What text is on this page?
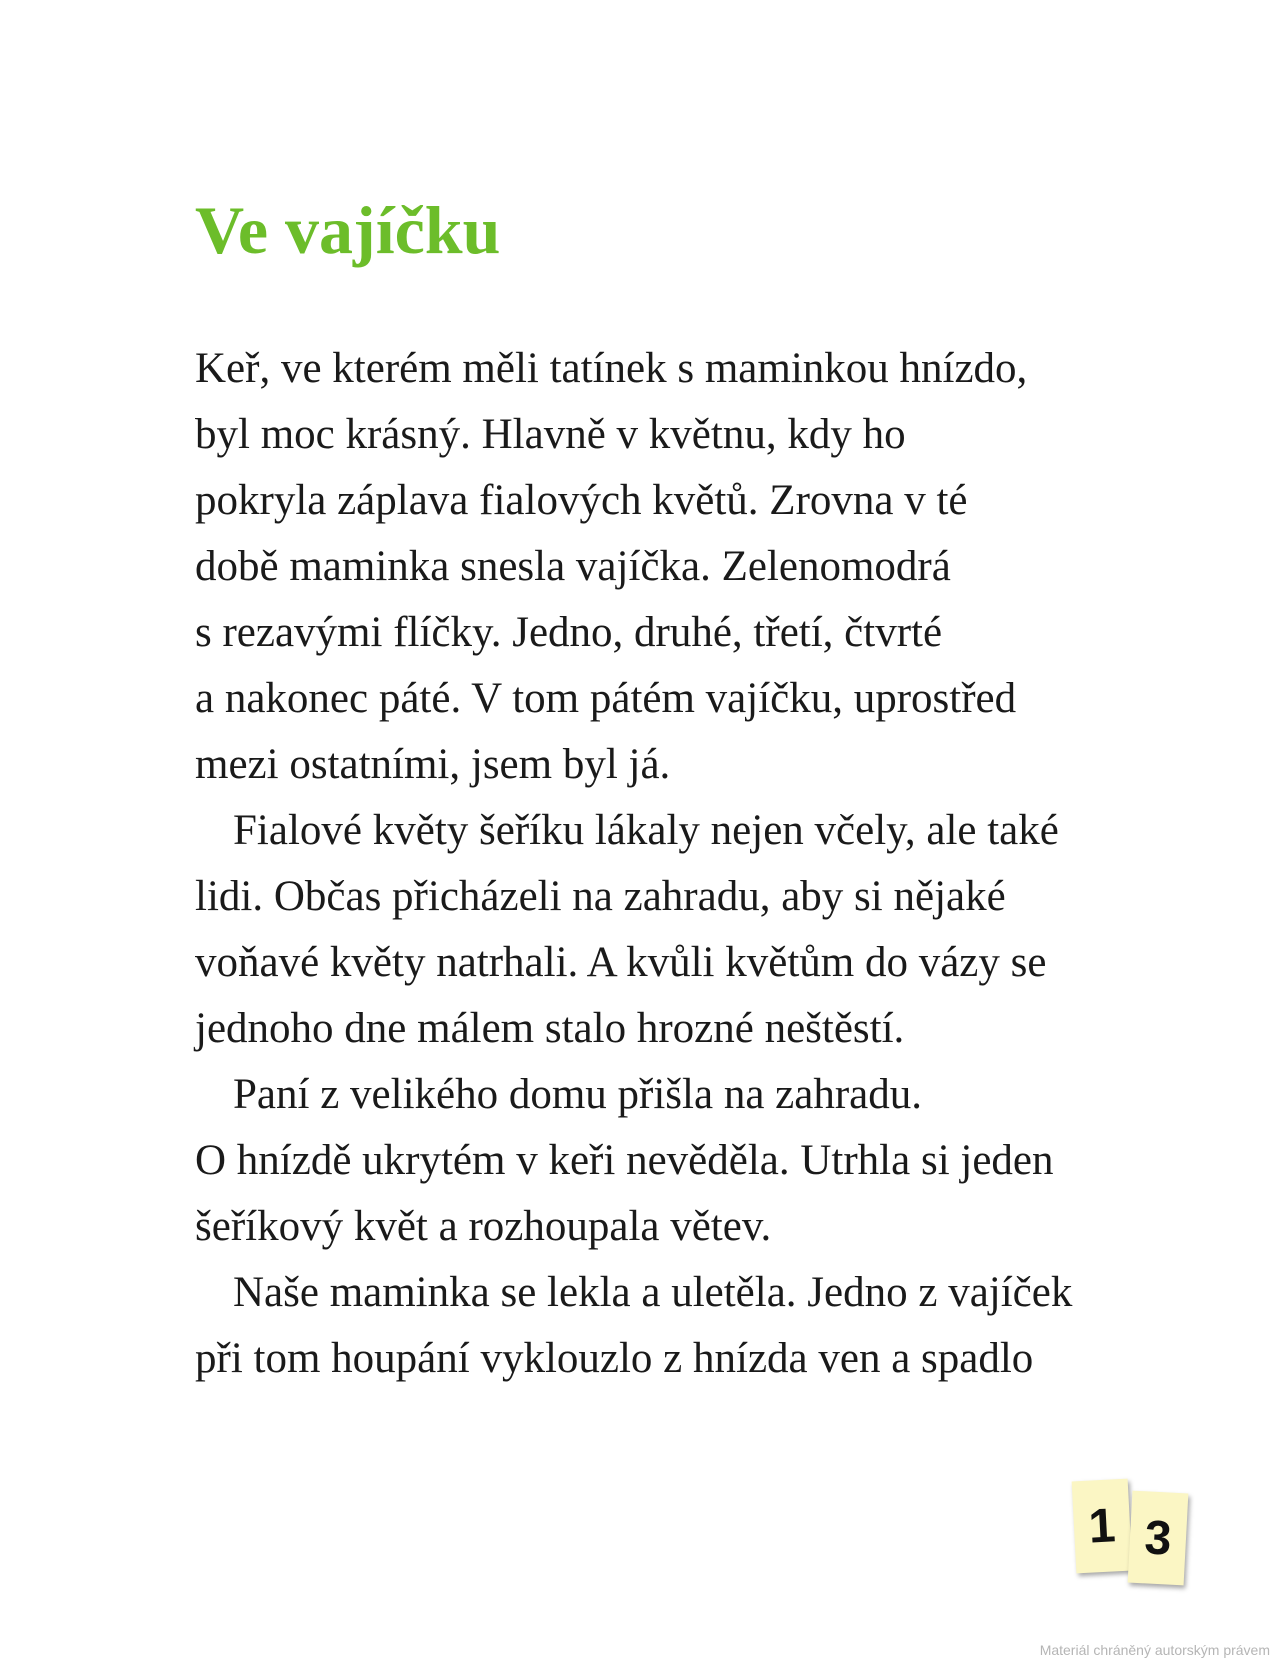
Ve vajíčku

Keř, ve kterém měli tatínek s maminkou hnízdo,
byl moc krásný. Hlavně v květnu, kdy ho
pokryla záplava fialových květů. Zrovna v té
době maminka snesla vajíčka. Zelenomodrá
s rezavými flíčky. Jedno, druhé, třetí, čtvrté
a nakonec páté. V tom pátém vajíčku, uprostřed
mezi ostatními, jsem byl já.

Fialové květy šeříku lákaly nejen včely, ale také
lidi. Občas přicházeli na zahradu, aby si nějaké
voňavé květy natrhali. A kvůli květům do vázy se
jednoho dne málem stalo hrozné neštěstí.

Paní z velikého domu přišla na zahradu.
O hnízdě ukrytém v keři nevěděla. Utrhla si jeden
šeříkový květ a rozhoupala větev.

Naše maminka se lekla a uletěla. Jedno z vajíček
při tom houpání vyklouzlo z hnízda ven a spadlo

1 3
Materiál chráněný autorským právem
